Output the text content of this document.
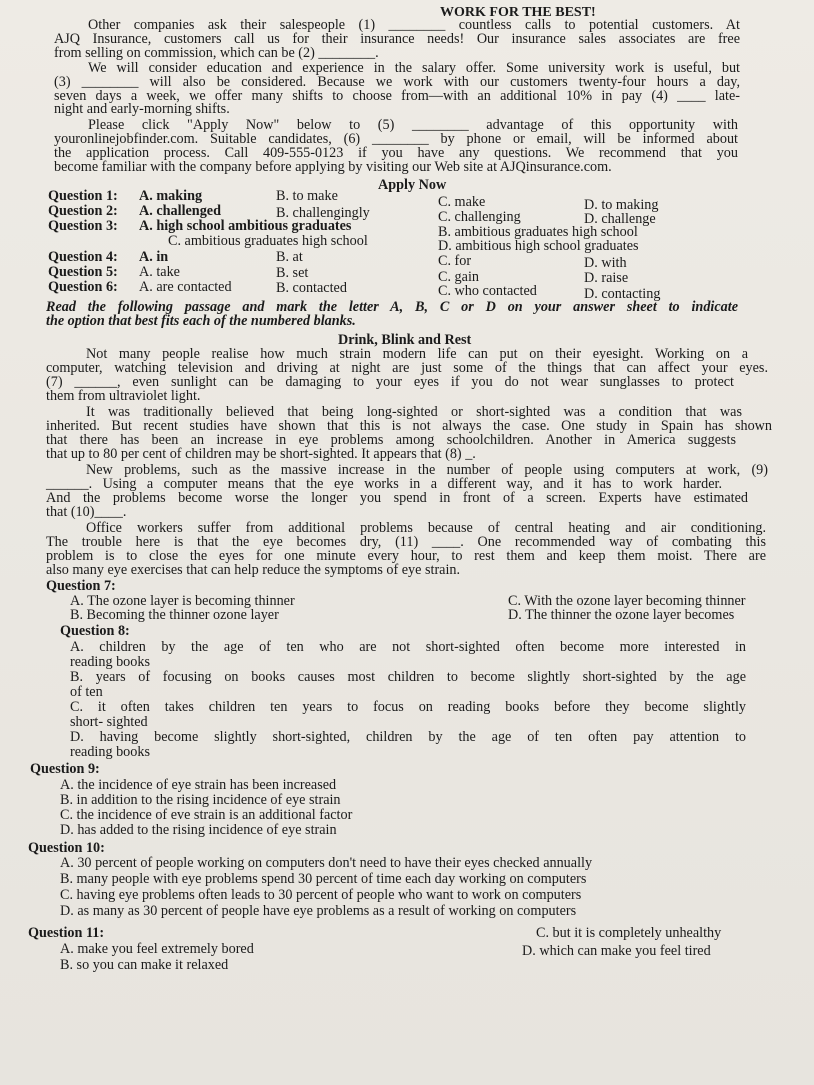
WORK FOR THE BEST!
Other companies ask their salespeople (1) ________ countless calls to potential customers. At
AJQ Insurance, customers call us for their insurance needs! Our insurance sales associates are free
from selling on commission, which can be (2) ________.
We will consider education and experience in the salary offer. Some university work is useful, but
(3) ________ will also be considered. Because we work with our customers twenty-four hours a day,
seven days a week, we offer many shifts to choose from—with an additional 10% in pay (4) ____ late-
night and early-morning shifts.
Please click "Apply Now" below to (5) ________ advantage of this opportunity with
youronlinejobfinder.com. Suitable candidates, (6) ________ by phone or email, will be informed about
the application process. Call 409-555-0123 if you have any questions. We recommend that you
become familiar with the company before applying by visiting our Web site at AJQinsurance.com.
Apply Now
Question 1: A. making	B. to make	C. make	D. to making
Question 2: A. challenged	B. challengingly	C. challenging	D. challenge
Question 3: A. high school ambitious graduates	B. ambitious graduates high school
C. ambitious graduates high school	D. ambitious high school graduates
Question 4: A. in	B. at	C. for	D. with
Question 5: A. take	B. set	C. gain	D. raise
Question 6: A. are contacted	B. contacted	C. who contacted	D. contacting
Read the following passage and mark the letter A, B, C or D on your answer sheet to indicate
the option that best fits each of the numbered blanks.
Drink, Blink and Rest
Not many people realise how much strain modern life can put on their eyesight. Working on a
computer, watching television and driving at night are just some of the things that can affect your eyes.
(7) ______, even sunlight can be damaging to your eyes if you do not wear sunglasses to protect
them from ultraviolet light.
It was traditionally believed that being long-sighted or short-sighted was a condition that was
inherited. But recent studies have shown that this is not always the case. One study in Spain has shown
that there has been an increase in eye problems among schoolchildren. Another in America suggests
that up to 80 per cent of children may be short-sighted. It appears that (8) _.
New problems, such as the massive increase in the number of people using computers at work, (9)
______. Using a computer means that the eye works in a different way, and it has to work harder.
And the problems become worse the longer you spend in front of a screen. Experts have estimated
that (10)____.
Office workers suffer from additional problems because of central heating and air conditioning.
The trouble here is that the eye becomes dry, (11) ____. One recommended way of combating this
problem is to close the eyes for one minute every hour, to rest them and keep them moist. There are
also many eye exercises that can help reduce the symptoms of eye strain.
Question 7:
A. The ozone layer is becoming thinner	C. With the ozone layer becoming thinner
B. Becoming the thinner ozone layer	D. The thinner the ozone layer becomes
Question 8:
A. children by the age of ten who are not short-sighted often become more interested in
reading books
B. years of focusing on books causes most children to become slightly short-sighted by the age
of ten
C. it often takes children ten years to focus on reading books before they become slightly
short- sighted
D. having become slightly short-sighted, children by the age of ten often pay attention to
reading books
Question 9:
A. the incidence of eye strain has been increased
B. in addition to the rising incidence of eye strain
C. the incidence of eve strain is an additional factor
D. has added to the rising incidence of eye strain
Question 10:
A. 30 percent of people working on computers don't need to have their eyes checked annually
B. many people with eye problems spend 30 percent of time each day working on computers
C. having eye problems often leads to 30 percent of people who want to work on computers
D. as many as 30 percent of people have eye problems as a result of working on computers
Question 11:
A. make you feel extremely bored
C. but it is completely unhealthy
B. so you can make it relaxed
D. which can make you feel tired
